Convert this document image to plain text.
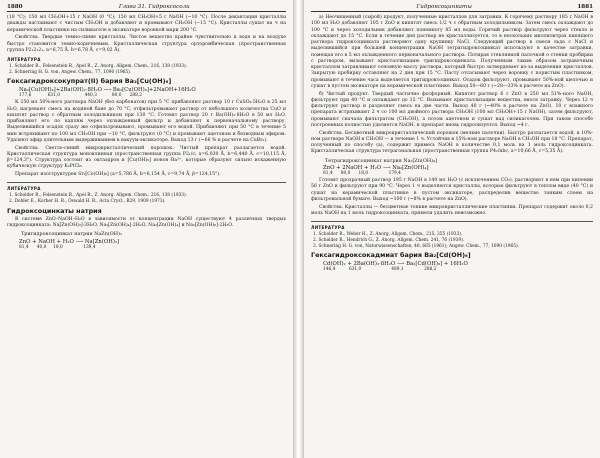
1880	Глава 31. Гидроксосоли

(18 °C); 150 мл CH₃OH+15 г NaOH (0 °C); 150 мл CH₃OH+5 г NaOH (−10 °C). После декантации кристаллы дважды настаивают с чистым CH₃OH и добавляют и промывают CH₃OH (−15 °C). Кристаллы сушат на ч на керамической пластинке на силикагеле в эксикаторе воронкой мари 200 °C.

Свойства. Твердые темно-синие кристаллы. Чистое вещество крайне чувствительно к воде и на воздухе быстро становится темно-коричневым. Кристаллическая структура орторомбическая (пространственная группа P2₁2₁2₁, a=6,75 Å, b=6,78 Å, c=9,02 Å).

ЛИТЕРАТУРА
1. Scholder R., Felsenstein R., Apel R., Z. Anorg. Allgem. Chem., 216, 138 (1933).
2. Schnering H. G. von, Angew. Chem., 77, 1090 (1965).
Гексагидроксокупрат(II) бария Ba₂[Cu(OH)₆]
Na₂[Cu(OH)₄]+2Ba(OH)₂·8H₂O ⟶ Ba₂[Cu(OH)₆]+2NaOH+16H₂O
177,6            631,0                  440,3           80,0      288,2

К 250 мл 50%-ного раствора NaOH (без карбонатов) при 5 °C прибавляют раствор 10 г CuSO₄·5H₂O в 25 мл H₂O, нагревают смесь на водяной бане до 70 °C, отфильтровывают раствор от небольшого количества CuO и кипятят раствор с обратным холодильником при 130 °C. Готовят раствор 20 г Ba(OH)₂·8H₂O в 50 мл H₂O, прибавляют его по каплям через охлажденный фильтр и добавляют к первоначальному раствору. Выделившийся осадок сразу же отфильтровывают, промывают его водой. Прибавляют при 50 °C в течение 5 мин встряхивают по 100 мл CH₃OH при −10 °C, фильтруют (0 °C) и промывают ацетоном и безводным эфиром. Удаляют эфир длительным выдерживанием в вакуум-эксикаторе. Выход 13 г (~66 % в расчете на CuBr₂).

Свойства. Светло-синий микрокристаллический порошок. Чистый препарат разлагается водой. Кристаллическая структура моноклинная (пространственная группа P2₁/c; a=6,030 Å, b=6,440 Å, c=10,115 Å, β=124,3°). Структура состоит из октаэдров и [Cu(OH)₆] ионов Ba²⁺, которые образуют сильно искаженную кубическую структуру K₂PtCl₆.

Препарат изоструктурен Sr₂[Co(OH)₆] (a=5,786 Å, b=6,154 Å, c=9,74 Å, β=124,15°).

ЛИТЕРАТУРА
1. Scholder R., Felsenstein R., Apel R., Z. Anorg. Allgem. Chem., 216, 138 (1933).
2. Dohler E., Korber H. R., Oswald H. R., Acta Cryst., B29, 1909 (1973).
Гидроксоцинкаты натрия

В системе ZnO–NaOH–H₂O в зависимости от концентрации NaOH существуют 4 различных твердых гидроксоцинката: Na[Zn(OH)₃]·3H₂O, Na₂[Zn(OH)₄]·2H₂O, Na₂[Zn(OH)₄] и Na₂[Zn(OH)₆]·2H₂O.

Тригидроксоцинкат натрия NaZn(OH)₃
ZnO + NaOH + H₂O ⟶ Na[Zn(OH)₃]
81,4      40,0     18,0               139,4
Гидроксоцинкаты	1881

а) Неочищенный (сырой) продукт, полученные кристаллов для затравки. К горячему раствору 185 г NaOH в 100 мл H₂O добавляют 105 г ZnO и кипятят смесь 1/2 ч с обратным холодильником. Затем смесь охлаждают до 100 °C и через холодильник добавляют понемногу 85 мл воды. Горячий раствор фильтруют через стекло и охлаждают до 15 °C. Если в течение дня раствор не кристаллизуется, то в нескольких миллилитрах кипящего раствора гидроксоцинката растворяют одну крупинку NaCl. Следующий раствор в смеси льда с NaCl и выделившийся при большей концентрации NaOH тетрагидроксоцинкат используют в качестве затравки, помещая его в 5 мл охлажденного первоначального раствора. Потирая стеклянной палочкой о стенки пробирки с раствором, вызывают кристаллизацию тригидроксоцинката. Полученным таким образом затравочным кристаллом затравливают основную массу раствора, который быстро затвердевает из-за выделения кристаллов. Закрытую пробирку оставляют на 2 дня при 15 °C. Пасту отсасывают через воронку с пористым пластинком, промывают в течение часа выделяется тригидроксоцинкат. Осадок фильтруют, промывают 50%-ной щелочью и сушат в пустом эксикаторе на керамической пластинке. Выход 50—60 г (~28—33% в расчете на ZnO).

б) Чистый продукт. Твердый частично фосфорный. Кипятят раствор 6 г ZnO в 250 мл 51%-ного NaOH, фильтруют при 40 °C и охлаждают до 15 °C. Вызывают кристаллизацию вещества, внося затравку. Через 12 ч фильтруют раствор и разделяют смесь на две части. Выход 40 г (~40% в расчете на ZnO). 10 г влажного препарата встряхивают 2 ч со 100 мл двойного раствора CH₃OH (100 мл CH₃OH+15 г NaOH), затем фильтруют, промывают сначала фильтратом (CH₃OH), а потом ацетоном и сушат над силикагелем. При таком способе построенных полностью удаляется NaOH, и препарат вновь гидролизуется. Выход ~4 г.

Свойства. Бесцветный микрокристаллический порошок (мелкие палочки). Быстро разлагается водой, в 10%-ном растворе NaOH в CH₃OH — в течение 1 ч. Устойчив в 15%-ном растворе NaOH в CH₃OH при 18 °C. Препарат, полученный по способу (а), содержит примесь NaOH в количестве 0,1 моль на 1 моль гидроксоцинката. Кристаллическая структура тетрагональная (пространственная группа P4₂/nbc, a=10,66 Å, c=5,35 Å).

Тетрагидроксоцинкат натрия Na₂[Zn(OH)₄]
ZnO + 2NaOH + H₂O ⟶ Na₂[Zn(OH)₄]
81,4      80,0      18,0               179,4

Готовят прозрачный раствор 195 г NaOH в 140 мл H₂O (с исключением CO₂), растворяют в нем при кипении 56 г ZnO и фильтруют при 90 °C. Через 1 ч выделяются кристаллы, которые фильтруют в теплом виде (40 °C) и сушат на керамической пластинке в пустом эксикаторе, распределив вещество тонким слоем на фильтровальной бумаге. Выход ~100 г (~8% в расчете на ZnO).

Свойства. Кристаллы — бесцветные тонкие микрокристаллические пластинки. Препарат содержит около 0,2 моль NaOH на 1 моль гидроксоцинката, примеси удалить невозможно.

ЛИТЕРАТУРА
1. Scholder R., Weber H., Z. Anorg. Allgem. Chem., 215, 355 (1933).
2. Scholder R., Hendrich G., Z. Anorg. Allgem. Chem. 241, 76 (1939).
3. Schnering H. G. von, Naturwissenschaften, 48, 665 (1961); Angew. Chem., 77, 1090 (1965).
Гексагидроксокадмиат бария Ba₂[Cd(OH)₆]
Cd(OH)₂ + 2Ba(OH)₂·8H₂O ⟶ Ba₂[Cd(OH)₆] + 16H₂O
146,4          631,0                      489,1               288,2
